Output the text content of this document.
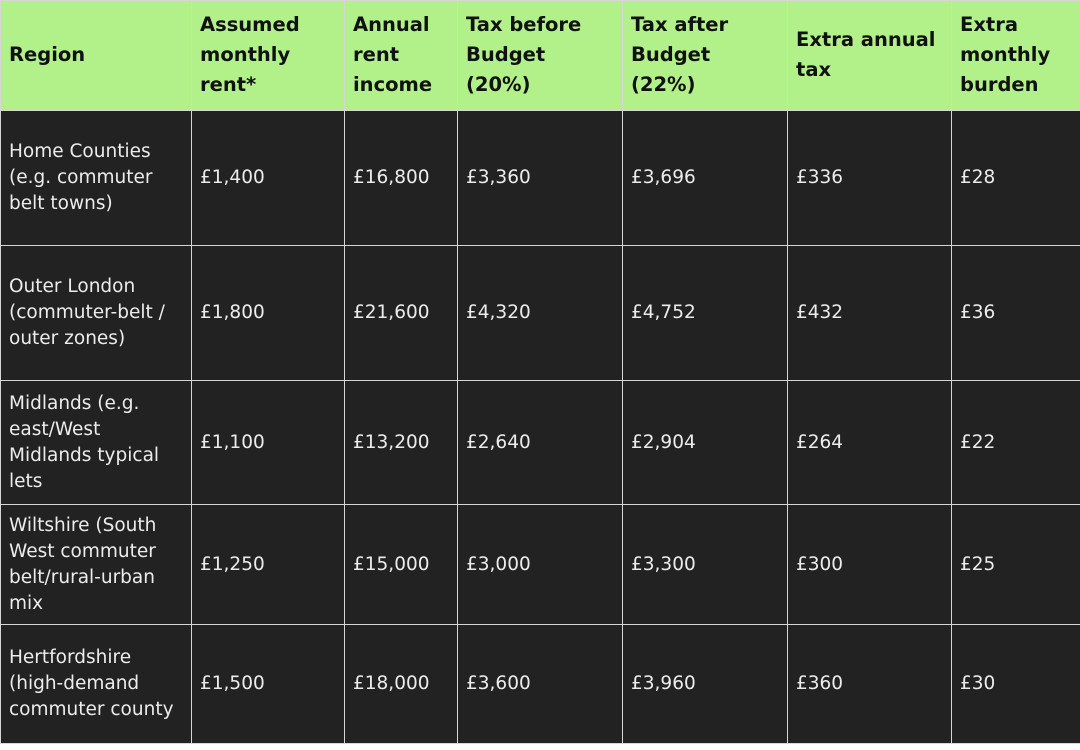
Region	Assumed monthly rent*	Annual rent income	Tax before Budget (20%)	Tax after Budget (22%)	Extra annual tax	Extra monthly burden
Home Counties (e.g. commuter belt towns)	£1,400	£16,800	£3,360	£3,696	£336	£28
Outer London (commuter-belt / outer zones)	£1,800	£21,600	£4,320	£4,752	£432	£36
Midlands (e.g. east/West Midlands typical lets	£1,100	£13,200	£2,640	£2,904	£264	£22
Wiltshire (South West commuter belt/rural-urban mix	£1,250	£15,000	£3,000	£3,300	£300	£25
Hertfordshire (high-demand commuter county	£1,500	£18,000	£3,600	£3,960	£360	£30
